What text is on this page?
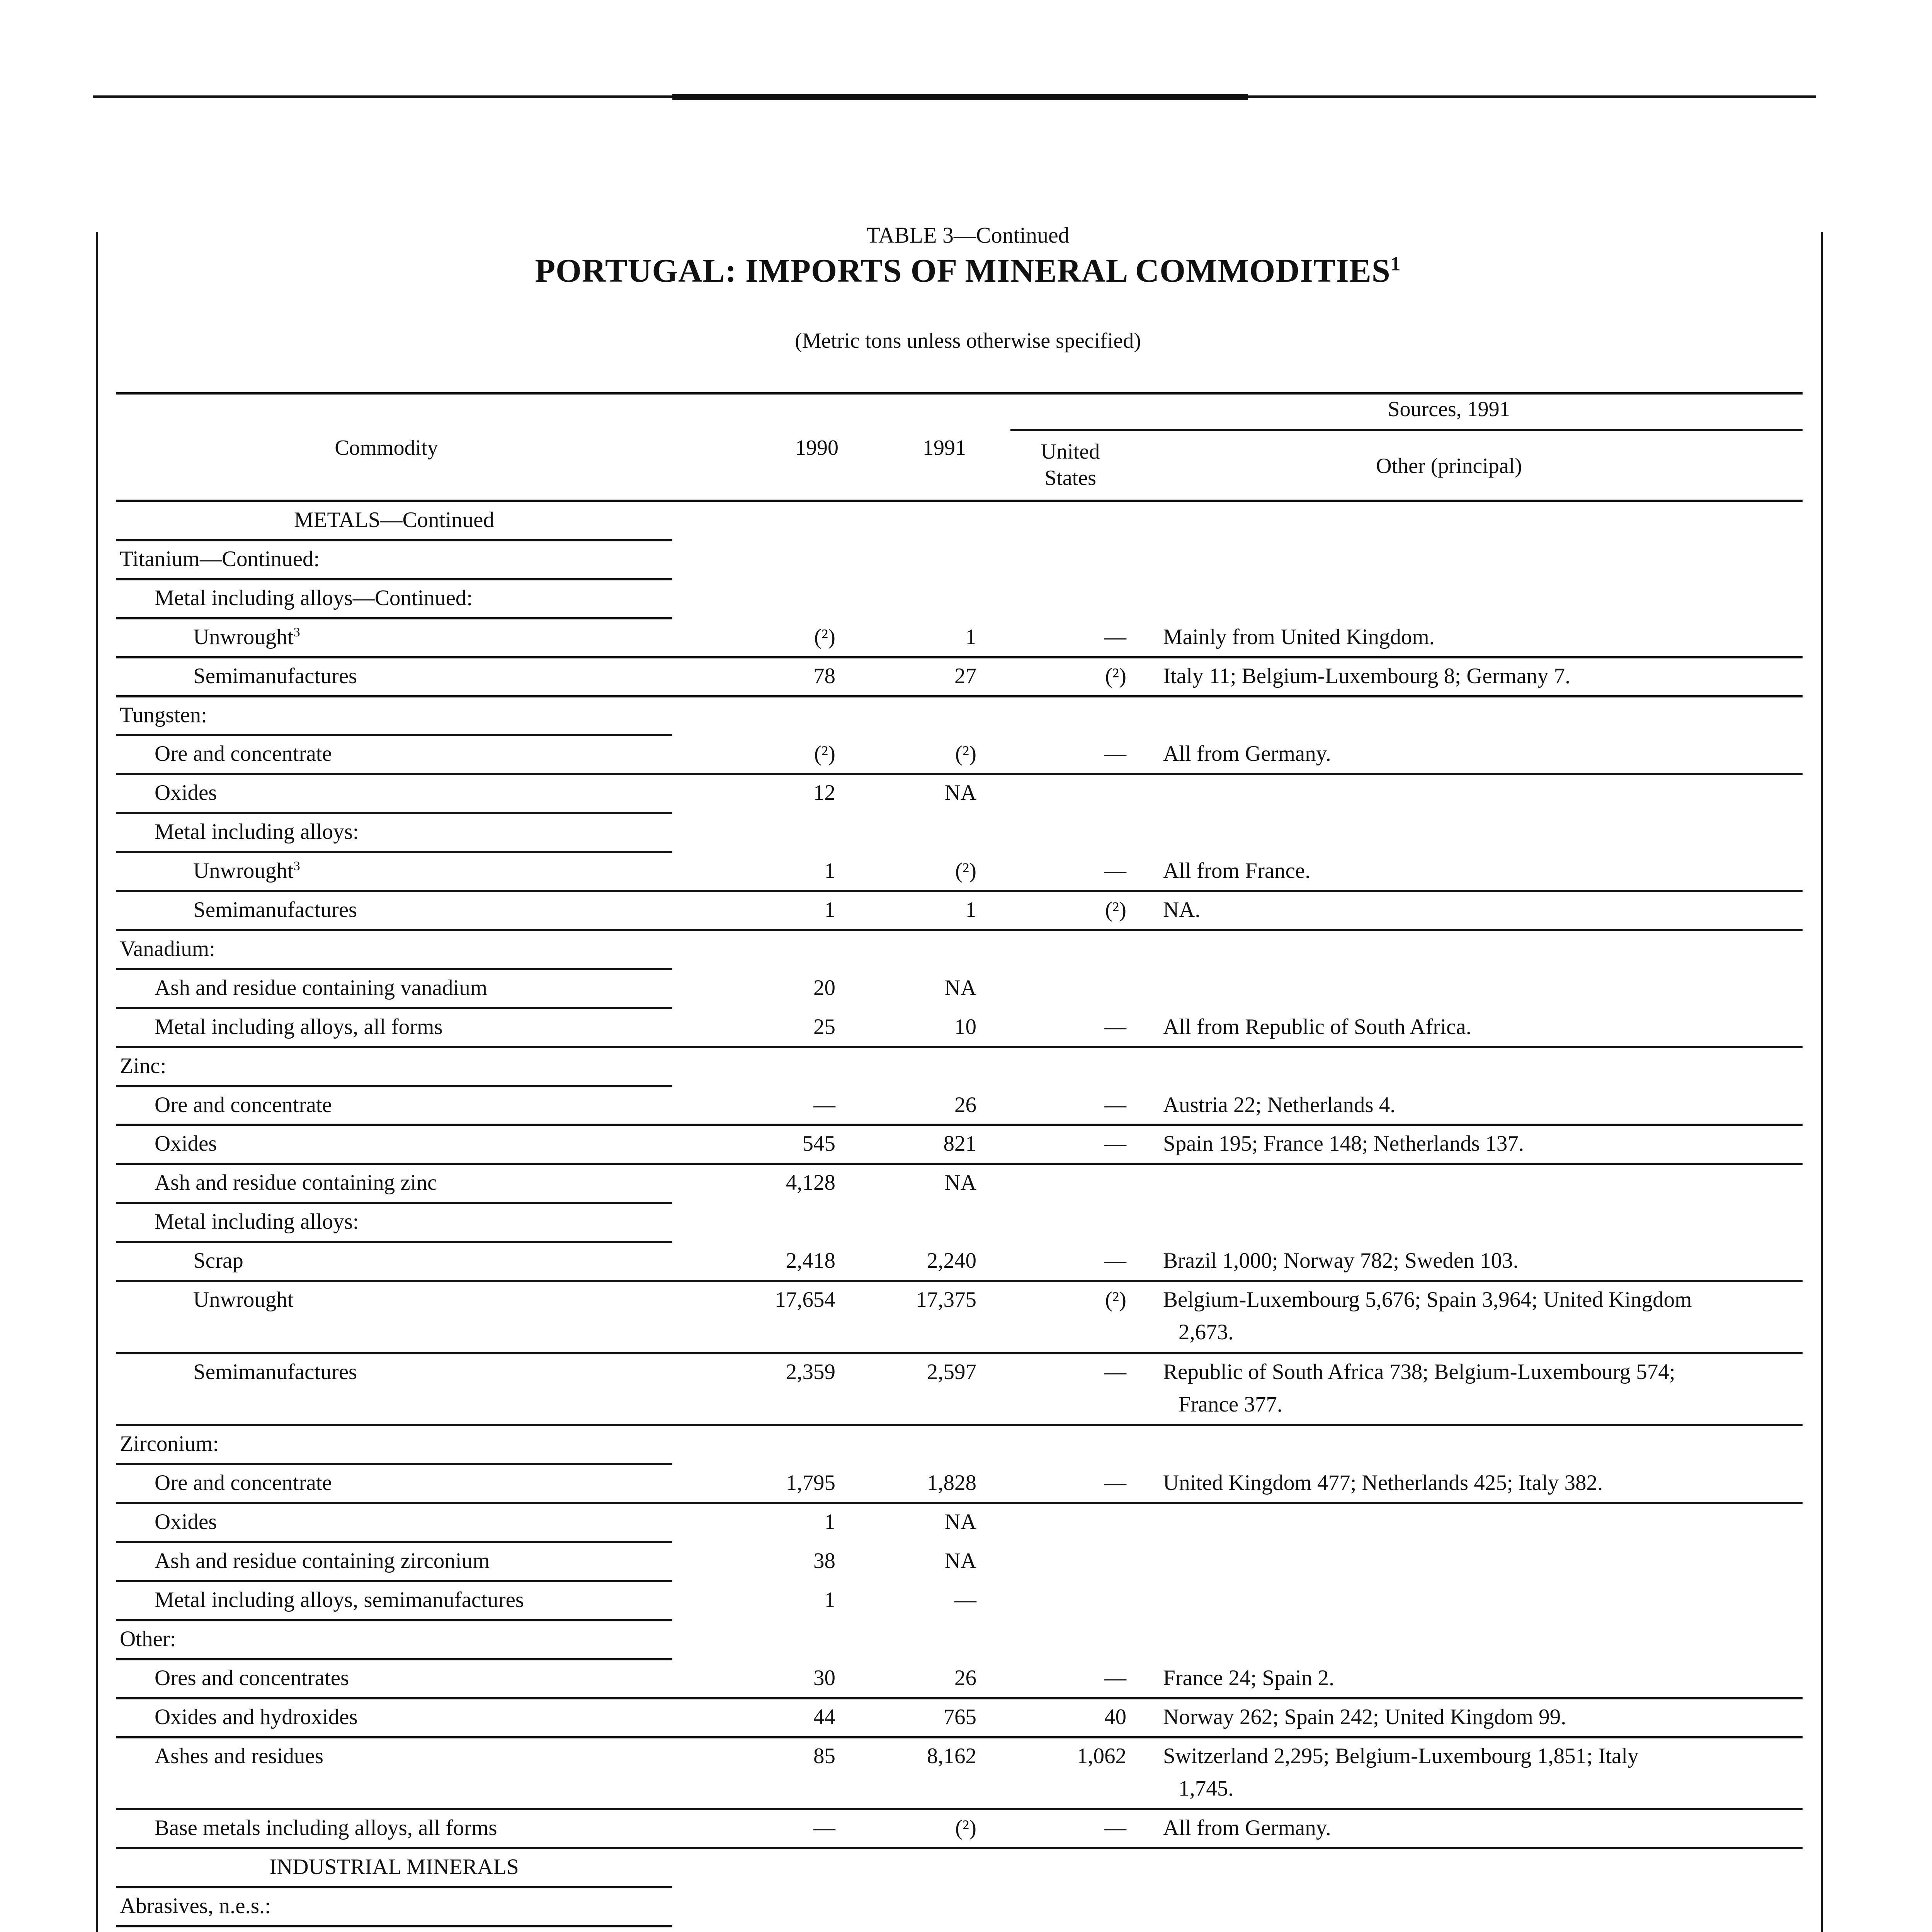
TABLE 3—Continued
PORTUGAL: IMPORTS OF MINERAL COMMODITIES$^1$
(Metric tons unless otherwise specified)
Sources, 1991
Commodity	1990	1991	United
States	Other (principal)
METALS—Continued
Titanium—Continued:
Metal including alloys—Continued:
Unwrought$^3$	(²)	1	— Mainly from United Kingdom.
Semimanufactures	78	27	(²) Italy 11; Belgium-Luxembourg 8; Germany 7.
Tungsten:
Ore and concentrate	(²)	(²)	— All from Germany.
Oxides	12	NA
Metal including alloys:
Unwrought$^3$	1	(²)	— All from France.
Semimanufactures	1	1	(²) NA.
Vanadium:
Ash and residue containing vanadium	20	NA
Metal including alloys, all forms	25	10	— All from Republic of South Africa.
Zinc:
Ore and concentrate	—	26	— Austria 22; Netherlands 4.
Oxides	545	821	— Spain 195; France 148; Netherlands 137.
Ash and residue containing zinc	4,128	NA
Metal including alloys:
Scrap	2,418	2,240	— Brazil 1,000; Norway 782; Sweden 103.
Unwrought	17,654	17,375	(²) Belgium-Luxembourg 5,676; Spain 3,964; United Kingdom
2,673.
Semimanufactures	2,359	2,597	— Republic of South Africa 738; Belgium-Luxembourg 574;
France 377.
Zirconium:
Ore and concentrate	1,795	1,828	— United Kingdom 477; Netherlands 425; Italy 382.
Oxides	1	NA
Ash and residue containing zirconium	38	NA
Metal including alloys, semimanufactures	1	—
Other:
Ores and concentrates	30	26	— France 24; Spain 2.
Oxides and hydroxides	44	765	40 Norway 262; Spain 242; United Kingdom 99.
Ashes and residues	85	8,162	1,062 Switzerland 2,295; Belgium-Luxembourg 1,851; Italy
1,745.
Base metals including alloys, all forms	—	(²)	— All from Germany.
INDUSTRIAL MINERALS
Abrasives, n.e.s.:
